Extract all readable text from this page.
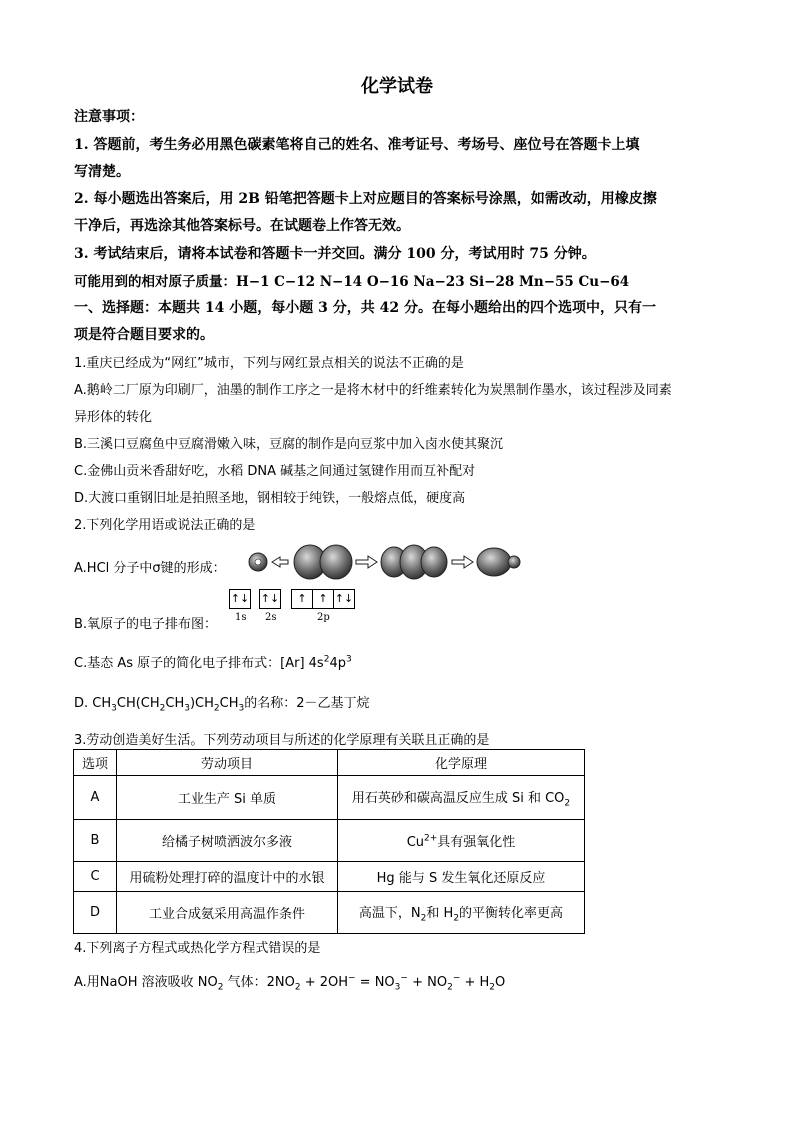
化学试卷
注意事项：
1. 答题前，考生务必用黑色碳素笔将自己的姓名、准考证号、考场号、座位号在答题卡上填
写清楚。
2. 每小题选出答案后，用 2B 铅笔把答题卡上对应题目的答案标号涂黑，如需改动，用橡皮擦
干净后，再选涂其他答案标号。在试题卷上作答无效。
3. 考试结束后，请将本试卷和答题卡一并交回。满分 100 分，考试用时 75 分钟。
可能用到的相对原子质量：H−1 C−12 N−14 O−16 Na−23 Si−28 Mn−55 Cu−64
一、选择题：本题共 14 小题，每小题 3 分，共 42 分。在每小题给出的四个选项中，只有一
项是符合题目要求的。
1.重庆已经成为“网红”城市，下列与网红景点相关的说法不正确的是
A.鹅岭二厂原为印刷厂，油墨的制作工序之一是将木材中的纤维素转化为炭黑制作墨水，该过程涉及同素
异形体的转化
B.三溪口豆腐鱼中豆腐滑嫩入味，豆腐的制作是向豆浆中加入卤水使其聚沉
C.金佛山贡米香甜好吃，水稻 DNA 碱基之间通过氢键作用而互补配对
D.大渡口重钢旧址是拍照圣地，钢相较于纯铁，一般熔点低，硬度高
2.下列化学用语或说法正确的是
A.HCl 分子中σ键的形成：
B.氧原子的电子排布图：
↑↓ ↑↓	↑	↑ ↑↓
1s 2s	2p
C.基态 As 原子的简化电子排布式：[Ar] $4s^24p^3$
D. $CH_3CH(CH_2CH_3)CH_2CH_3$的名称：2－乙基丁烷
3.劳动创造美好生活。下列劳动项目与所述的化学原理有关联且正确的是
选项	劳动项目	化学原理
A	工业生产 Si 单质	用石英砂和碳高温反应生成 Si 和 $CO_2$
B	给橘子树喷洒波尔多液	$Cu^{2+}$具有强氧化性
C	用硫粉处理打碎的温度计中的水银	Hg 能与 S 发生氧化还原反应
D	工业合成氨采用高温作条件	高温下，$N_2$和 $H_2$的平衡转化率更高
4.下列离子方程式或热化学方程式错误的是
A.用NaOH 溶液吸收 $NO_2$ 气体：$2NO_2 + 2OH^- = NO_3^- + NO_2^- + H_2O$
